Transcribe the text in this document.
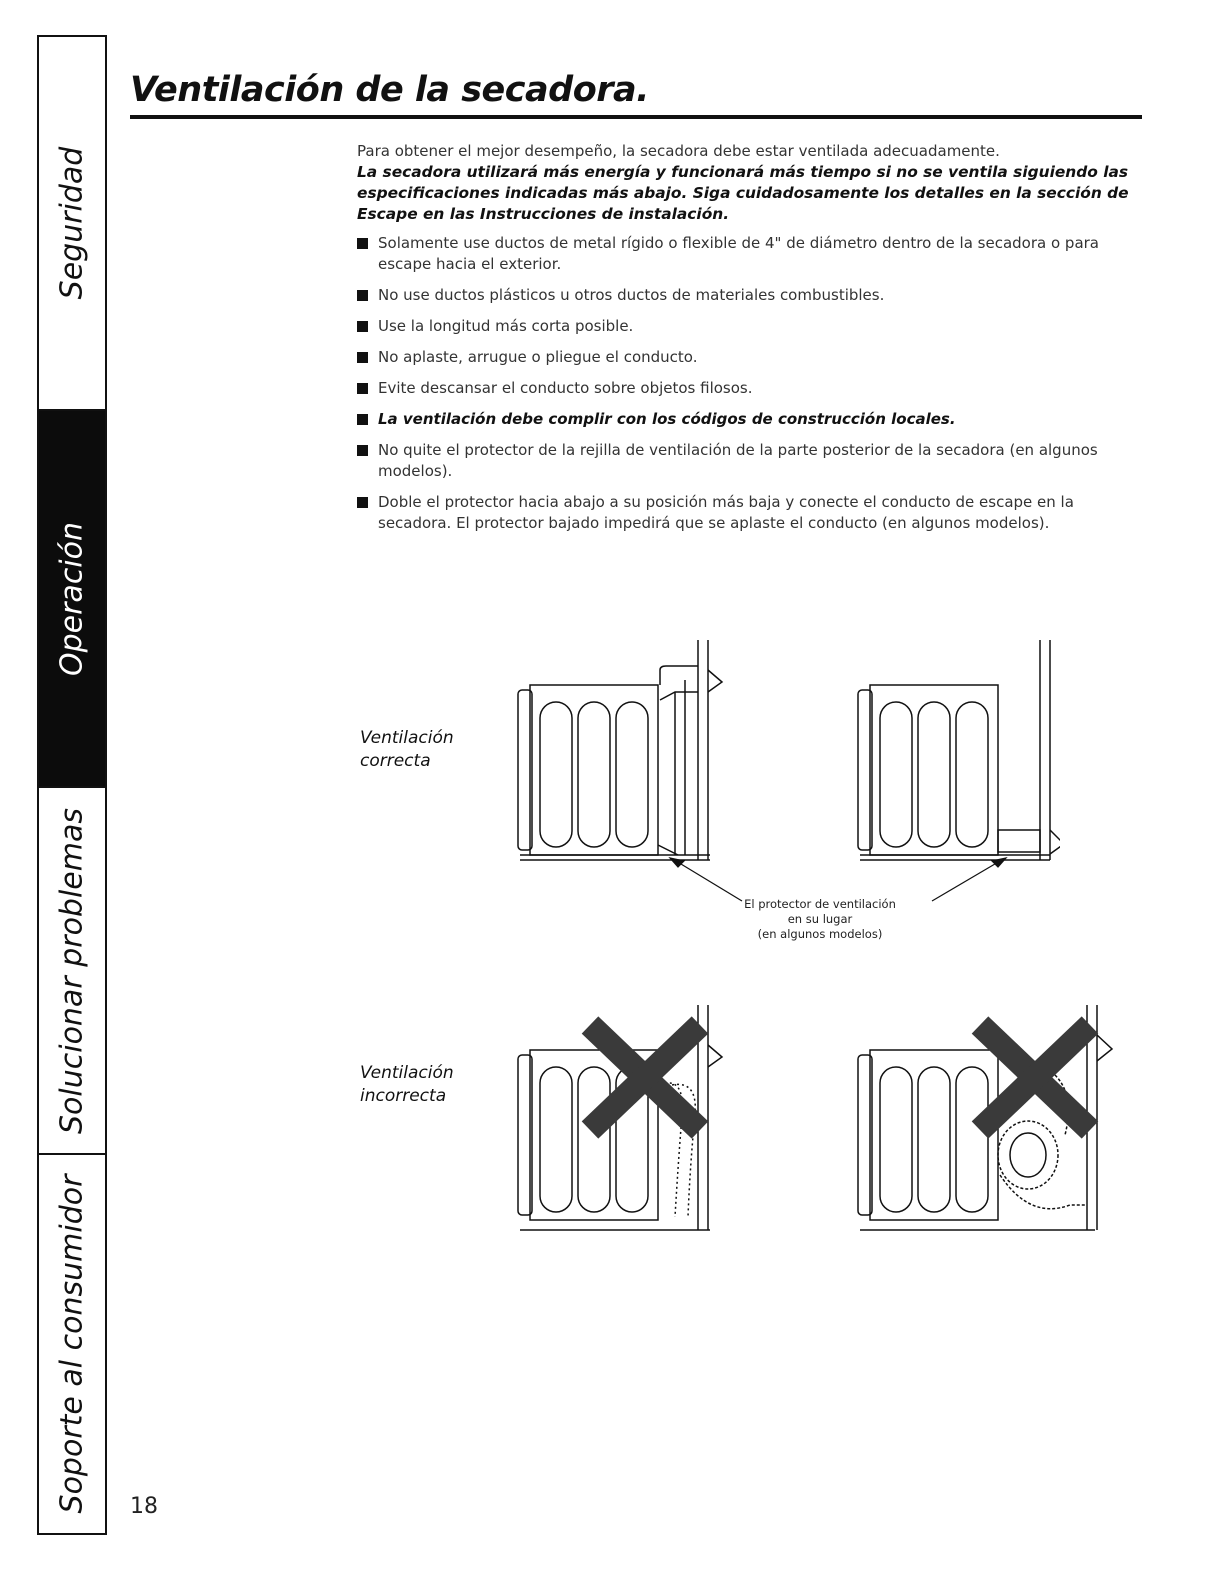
Seguridad
Operación
Solucionar problemas
Soporte al consumidor
Ventilación de la secadora.

Para obtener el mejor desempeño, la secadora debe estar ventilada adecuadamente.

La secadora utilizará más energía y funcionará más tiempo si no se ventila siguiendo las especificaciones indicadas más abajo. Siga cuidadosamente los detalles en la sección de Escape en las Instrucciones de instalación.

Solamente use ductos de metal rígido o flexible de 4" de diámetro dentro de la secadora o para escape hacia el exterior.
No use ductos plásticos u otros ductos de materiales combustibles.
Use la longitud más corta posible.
No aplaste, arrugue o pliegue el conducto.
Evite descansar el conducto sobre objetos filosos.
La ventilación debe complir con los códigos de construcción locales.
No quite el protector de la rejilla de ventilación de la parte posterior de la secadora (en algunos modelos).
Doble el protector hacia abajo a su posición más baja y conecte el conducto de escape en la secadora. El protector bajado impedirá que se aplaste el conducto (en algunos modelos).

Ventilación correcta

Ventilación incorrecta

El protector de ventilación
en su lugar
(en algunos modelos)
18
